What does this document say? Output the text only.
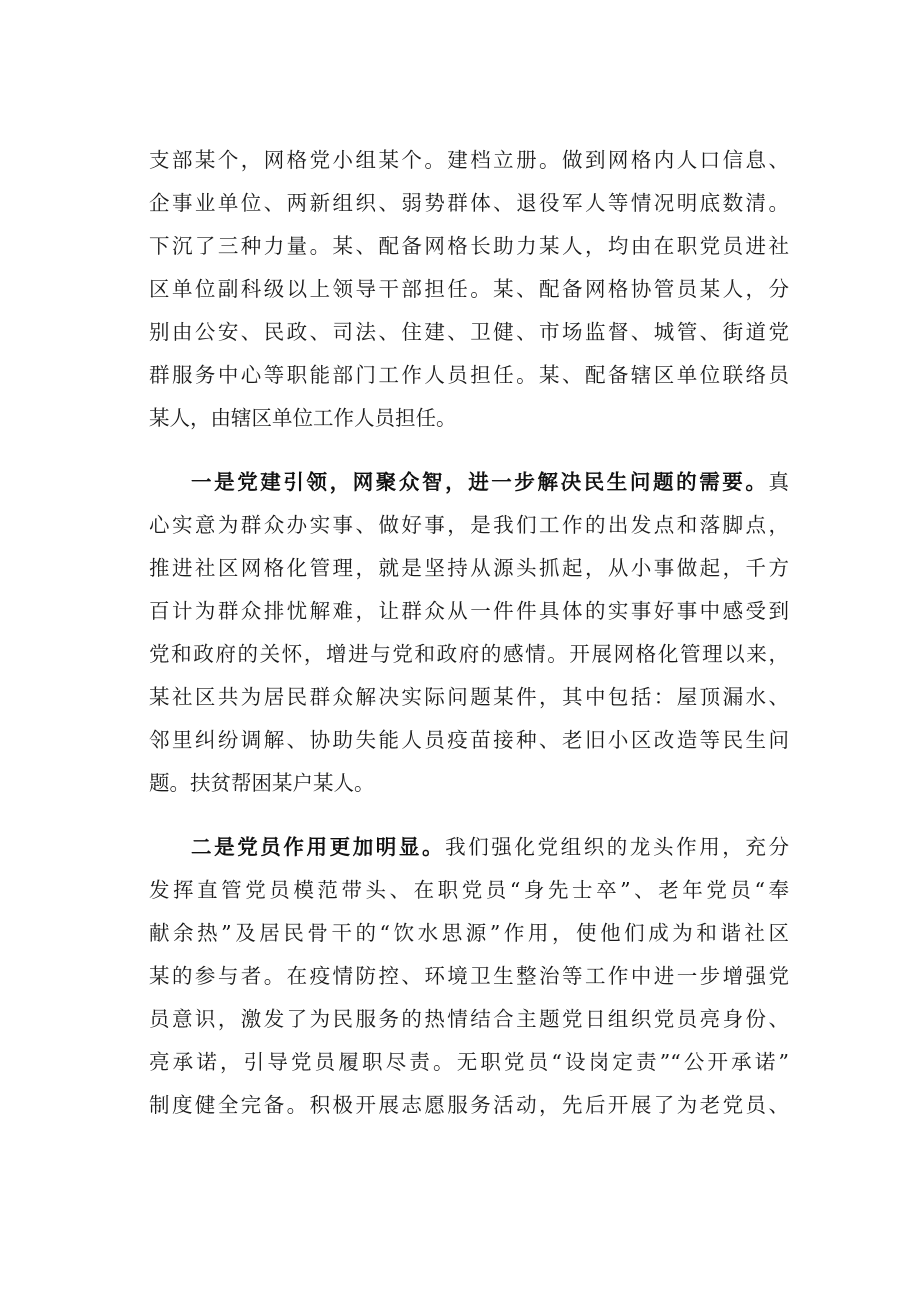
支部某个，网格党小组某个。建档立册。做到网格内人口信息、
企事业单位、两新组织、弱势群体、退役军人等情况明底数清。
下沉了三种力量。某、配备网格长助力某人，均由在职党员进社
区单位副科级以上领导干部担任。某、配备网格协管员某人，分
别由公安、民政、司法、住建、卫健、市场监督、城管、街道党
群服务中心等职能部门工作人员担任。某、配备辖区单位联络员
某人，由辖区单位工作人员担任。
一是党建引领，网聚众智，进一步解决民生问题的需要。真
心实意为群众办实事、做好事，是我们工作的出发点和落脚点，
推进社区网格化管理，就是坚持从源头抓起，从小事做起，千方
百计为群众排忧解难，让群众从一件件具体的实事好事中感受到
党和政府的关怀，增进与党和政府的感情。开展网格化管理以来，
某社区共为居民群众解决实际问题某件，其中包括：屋顶漏水、
邻里纠纷调解、协助失能人员疫苗接种、老旧小区改造等民生问
题。扶贫帮困某户某人。
二是党员作用更加明显。我们强化党组织的龙头作用，充分
发挥直管党员模范带头、在职党员“身先士卒”、老年党员“奉
献余热”及居民骨干的“饮水思源”作用，使他们成为和谐社区
某的参与者。在疫情防控、环境卫生整治等工作中进一步增强党
员意识，激发了为民服务的热情结合主题党日组织党员亮身份、
亮承诺，引导党员履职尽责。无职党员“设岗定责”“公开承诺”
制度健全完备。积极开展志愿服务活动，先后开展了为老党员、
